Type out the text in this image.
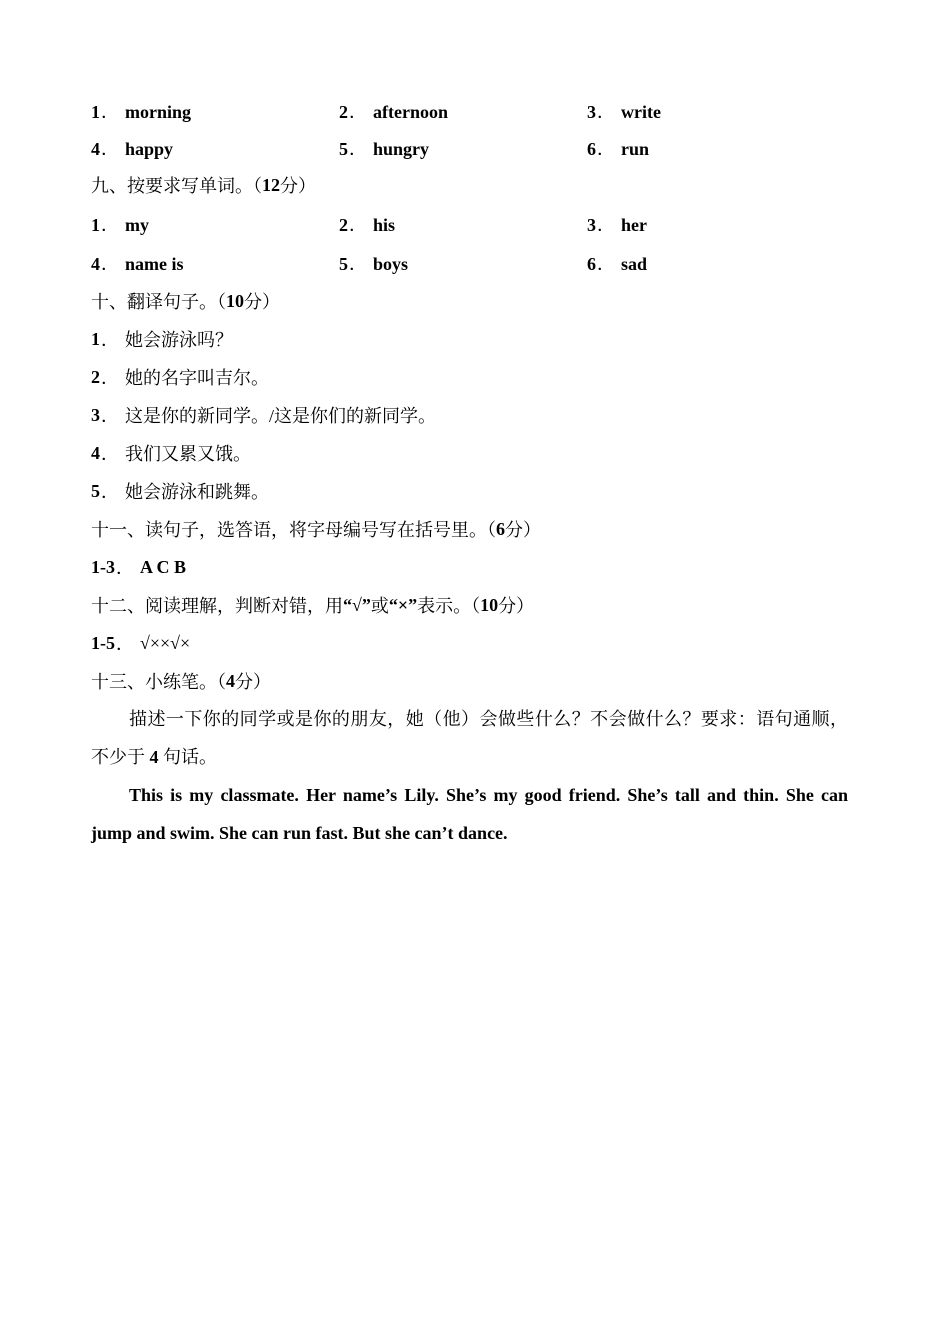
1． morning	2． afternoon	3． write
4． happy	5． hungry	6． run
九、按要求写单词。（ 12 分）
1． my	2． his	3． her
4． name is	5． boys	6． sad
十、翻译句子。（ 10 分）
1 ． 她会游泳吗？
2 ． 她的名字叫吉尔。
3 ． 这是你的新同学。/这是你们的新同学。
4 ． 我们又累又饿。
5 ． 她会游泳和跳舞。
十一、读句子，选答语，将字母编号写在括号里。（ 6 分）
1-3 ． A C B
十二、阅读理解，判断对错，用 “√” 或 “×” 表示。（ 10 分）
1-5 ． √××√×
十三、小练笔。（ 4 分）

描述一下你的同学或是你的朋友，她（他）会做些什么？不会做什么？要求：语句通顺，不少于 4 句话。

This is my classmate. Her name’s Lily. She’s my good friend. She’s tall and thin. She can jump and swim. She can run fast. But she can’t dance.
